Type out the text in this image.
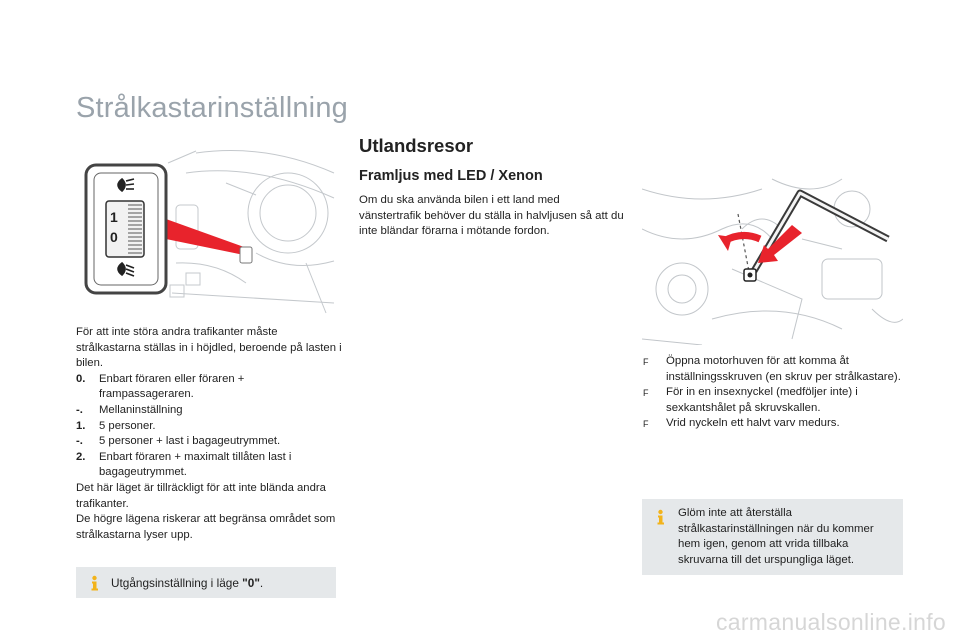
Strålkastarinställning
1
0

För att inte störa andra trafikanter måste strålkastarna ställas in i höjdled, beroende på lasten i bilen.

0.	Enbart föraren eller föraren + frampassageraren.
-.	Mellaninställning
1.	5 personer.
-.	5 personer + last i bagageutrymmet.
2.	Enbart föraren + maximalt tillåten last i bagageutrymmet.

Det här läget är tillräckligt för att inte blända andra trafikanter.

De högre lägena riskerar att begränsa området som strålkastarna lyser upp.

Utgångsinställning i läge "0".
Utlandsresor
Framljus med LED / Xenon

Om du ska använda bilen i ett land med vänstertrafik behöver du ställa in halvljusen så att du inte bländar förarna i mötande fordon.

F	Öppna motorhuven för att komma åt inställningsskruven (en skruv per strålkastare).
F	För in en insexnyckel (medföljer inte) i sexkantshålet på skruvskallen.
F	Vrid nyckeln ett halvt varv medurs.
Glöm inte att återställa strålkastarinställningen när du kommer hem igen, genom att vrida tillbaka skruvarna till det urspungliga läget.
carmanualsonline.info
